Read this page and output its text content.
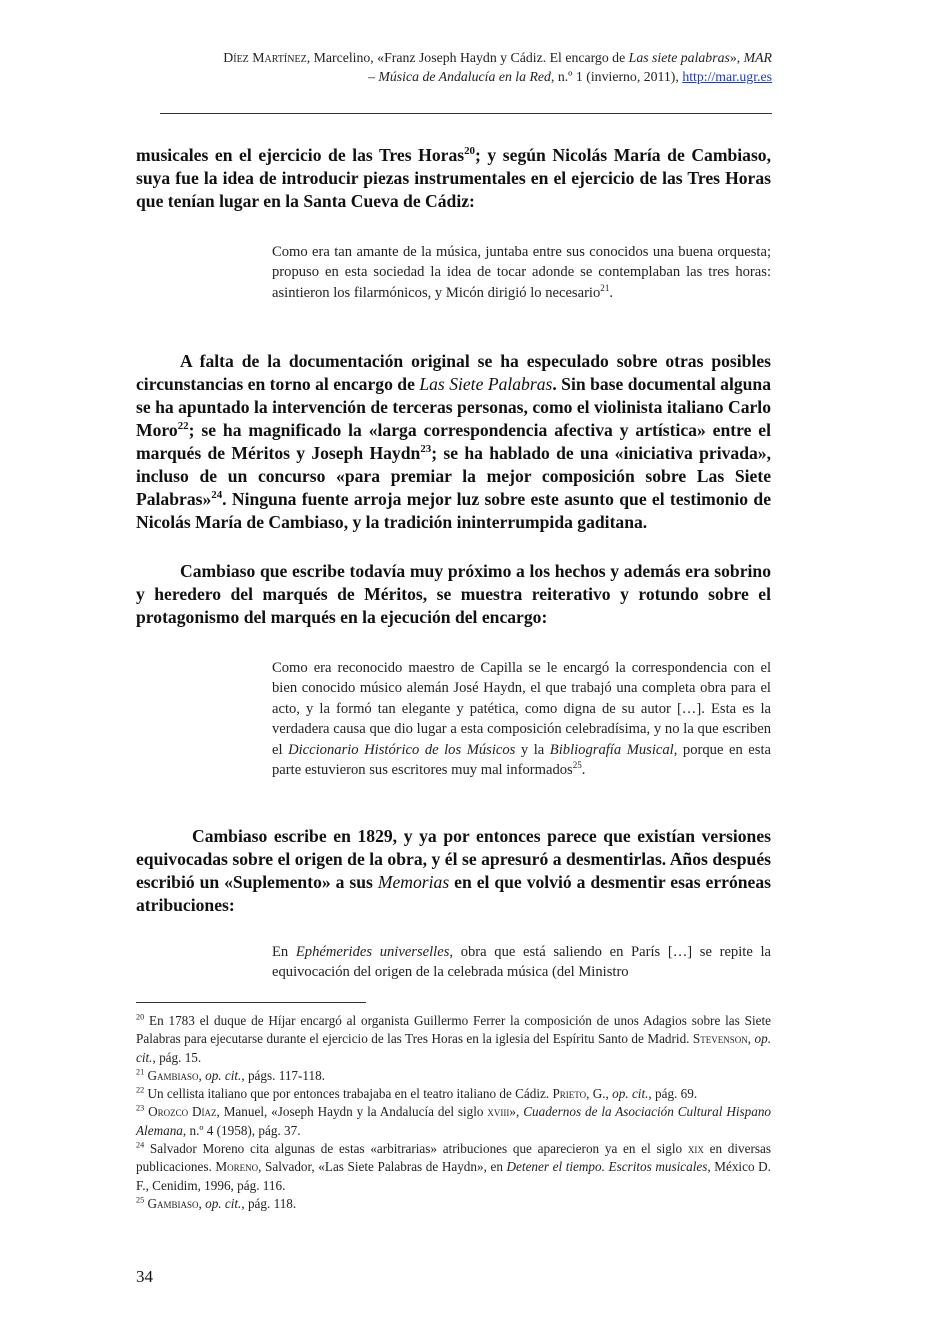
Díez Martínez, Marcelino, «Franz Joseph Haydn y Cádiz. El encargo de Las siete palabras», MAR
– Música de Andalucía en la Red, n.º 1 (invierno, 2011), http://mar.ugr.es
musicales en el ejercicio de las Tres Horas$^{20}$; y según Nicolás María de Cambiaso, suya fue la idea de introducir piezas instrumentales en el ejercicio de las Tres Horas que tenían lugar en la Santa Cueva de Cádiz:
Como era tan amante de la música, juntaba entre sus conocidos una buena orquesta; propuso en esta sociedad la idea de tocar adonde se contemplaban las tres horas: asintieron los filarmónicos, y Micón dirigió lo necesario$^{21}$.
A falta de la documentación original se ha especulado sobre otras posibles circunstancias en torno al encargo de Las Siete Palabras. Sin base documental alguna se ha apuntado la intervención de terceras personas, como el violinista italiano Carlo Moro$^{22}$; se ha magnificado la «larga correspondencia afectiva y artística» entre el marqués de Méritos y Joseph Haydn$^{23}$; se ha hablado de una «iniciativa privada», incluso de un concurso «para premiar la mejor composición sobre Las Siete Palabras»$^{24}$. Ninguna fuente arroja mejor luz sobre este asunto que el testimonio de Nicolás María de Cambiaso, y la tradición ininterrumpida gaditana.
Cambiaso que escribe todavía muy próximo a los hechos y además era sobrino y heredero del marqués de Méritos, se muestra reiterativo y rotundo sobre el protagonismo del marqués en la ejecución del encargo:
Como era reconocido maestro de Capilla se le encargó la correspondencia con el bien conocido músico alemán José Haydn, el que trabajó una completa obra para el acto, y la formó tan elegante y patética, como digna de su autor […]. Esta es la verdadera causa que dio lugar a esta composición celebradísima, y no la que escriben el Diccionario Histórico de los Músicos y la Bibliografía Musical, porque en esta parte estuvieron sus escritores muy mal informados$^{25}$.
Cambiaso escribe en 1829, y ya por entonces parece que existían versiones equivocadas sobre el origen de la obra, y él se apresuró a desmentirlas. Años después escribió un «Suplemento» a sus Memorias en el que volvió a desmentir esas erróneas atribuciones:
En Ephémerides universelles, obra que está saliendo en París […] se repite la equivocación del origen de la celebrada música (del Ministro

$^{20}$ En 1783 el duque de Híjar encargó al organista Guillermo Ferrer la composición de unos Adagios sobre las Siete Palabras para ejecutarse durante el ejercicio de las Tres Horas en la iglesia del Espíritu Santo de Madrid. Stevenson, op. cit., pág. 15.

$^{21}$ Gambiaso, op. cit., págs. 117-118.

$^{22}$ Un cellista italiano que por entonces trabajaba en el teatro italiano de Cádiz. Prieto, G., op. cit., pág. 69.

$^{23}$ Orozco Díaz, Manuel, «Joseph Haydn y la Andalucía del siglo xviii», Cuadernos de la Asociación Cultural Hispano Alemana, n.º 4 (1958), pág. 37.

$^{24}$ Salvador Moreno cita algunas de estas «arbitrarias» atribuciones que aparecieron ya en el siglo xix en diversas publicaciones. Moreno, Salvador, «Las Siete Palabras de Haydn», en Detener el tiempo. Escritos musicales, México D. F., Cenidim, 1996, pág. 116.

$^{25}$ Gambiaso, op. cit., pág. 118.

34
